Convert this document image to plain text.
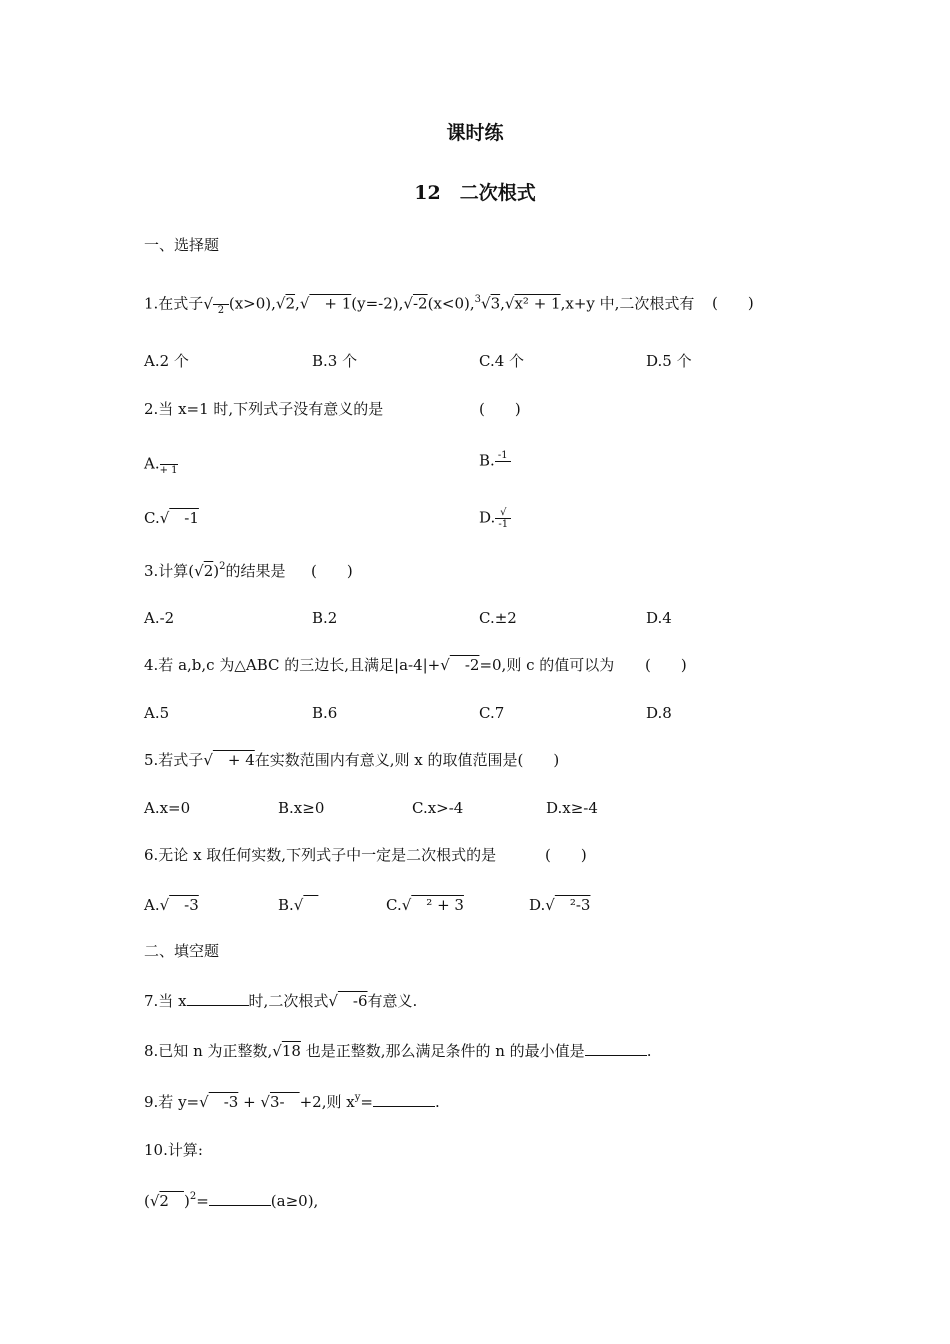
课时练
12　二次根式
一、选择题
1.在式子√
2 (x>0),√2,√　+ 1(y=-2),√-2(x<0),$^3$√3,√x² + 1,x+y 中,二次根式有 (　　)
A.2 个	B.3 个	C.4 个	D.5 个
2.当 x=1 时,下列式子没有意义的是	(　　)
A.
+ 1
B. -1

C.√　-1	D. $\frac{√}{-1}$
3.计算$(√2)^2$的结果是 (　　)
A.-2	B.2	C.±2	D.4
4.若 a,b,c 为△ABC 的三边长,且满足|a-4|+√　-2=0,则 c 的值可以为 (　　)
A.5	B.6	C.7	D.8
5.若式子√　+ 4在实数范围内有意义,则 x 的取值范围是(　　)
A.x=0	B.x≥0	C.x>-4	D.x≥-4
6.无论 x 取任何实数,下列式子中一定是二次根式的是	(　　)
A.√　-3	B.√　	C.√　² + 3	D.√　²-3
二、填空题
7.当 x	时,二次根式√　-6有意义.
8.已知 n 为正整数,√18 也是正整数,那么满足条件的 n 的最小值是	.
9.若 y=√　-3 + √3-　+2,则 $x^y=$	.
10.计算:
(√2　)$^2$=	(a≥0),
